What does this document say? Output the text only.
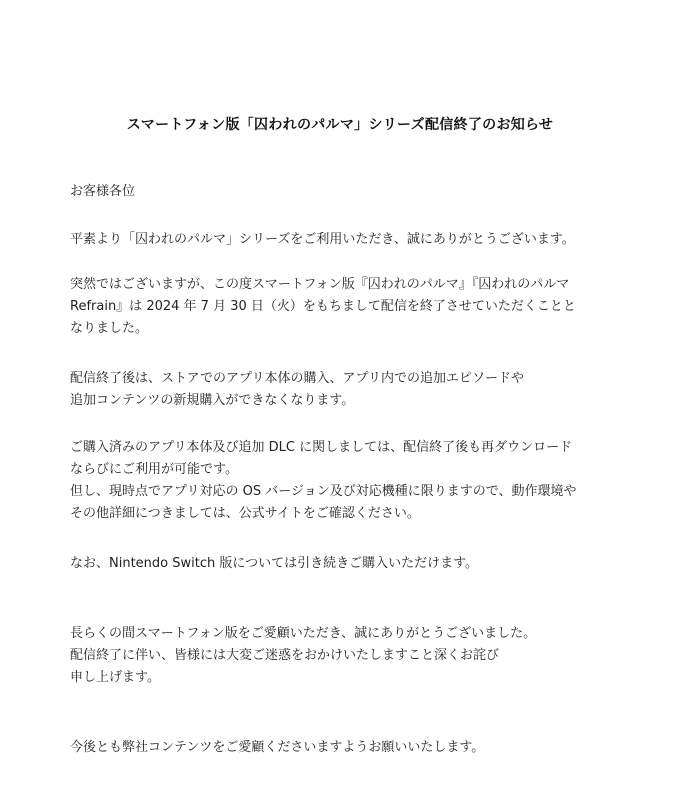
スマートフォン版「囚われのパルマ」シリーズ配信終了のお知らせ
お客様各位
平素より「囚われのパルマ」シリーズをご利用いただき、誠にありがとうございます。
突然ではございますが、この度スマートフォン版『囚われのパルマ』『囚われのパルマ
Refrain』は 2024 年 7 月 30 日（火）をもちまして配信を終了させていただくことと
なりました。
配信終了後は、ストアでのアプリ本体の購入、アプリ内での追加エピソードや
追加コンテンツの新規購入ができなくなります。
ご購入済みのアプリ本体及び追加 DLC に関しましては、配信終了後も再ダウンロード
ならびにご利用が可能です。
但し、現時点でアプリ対応の OS バージョン及び対応機種に限りますので、動作環境や
その他詳細につきましては、公式サイトをご確認ください。
なお、Nintendo Switch 版については引き続きご購入いただけます。
長らくの間スマートフォン版をご愛顧いただき、誠にありがとうございました。
配信終了に伴い、皆様には大変ご迷惑をおかけいたしますこと深くお詫び
申し上げます。
今後とも弊社コンテンツをご愛顧くださいますようお願いいたします。
